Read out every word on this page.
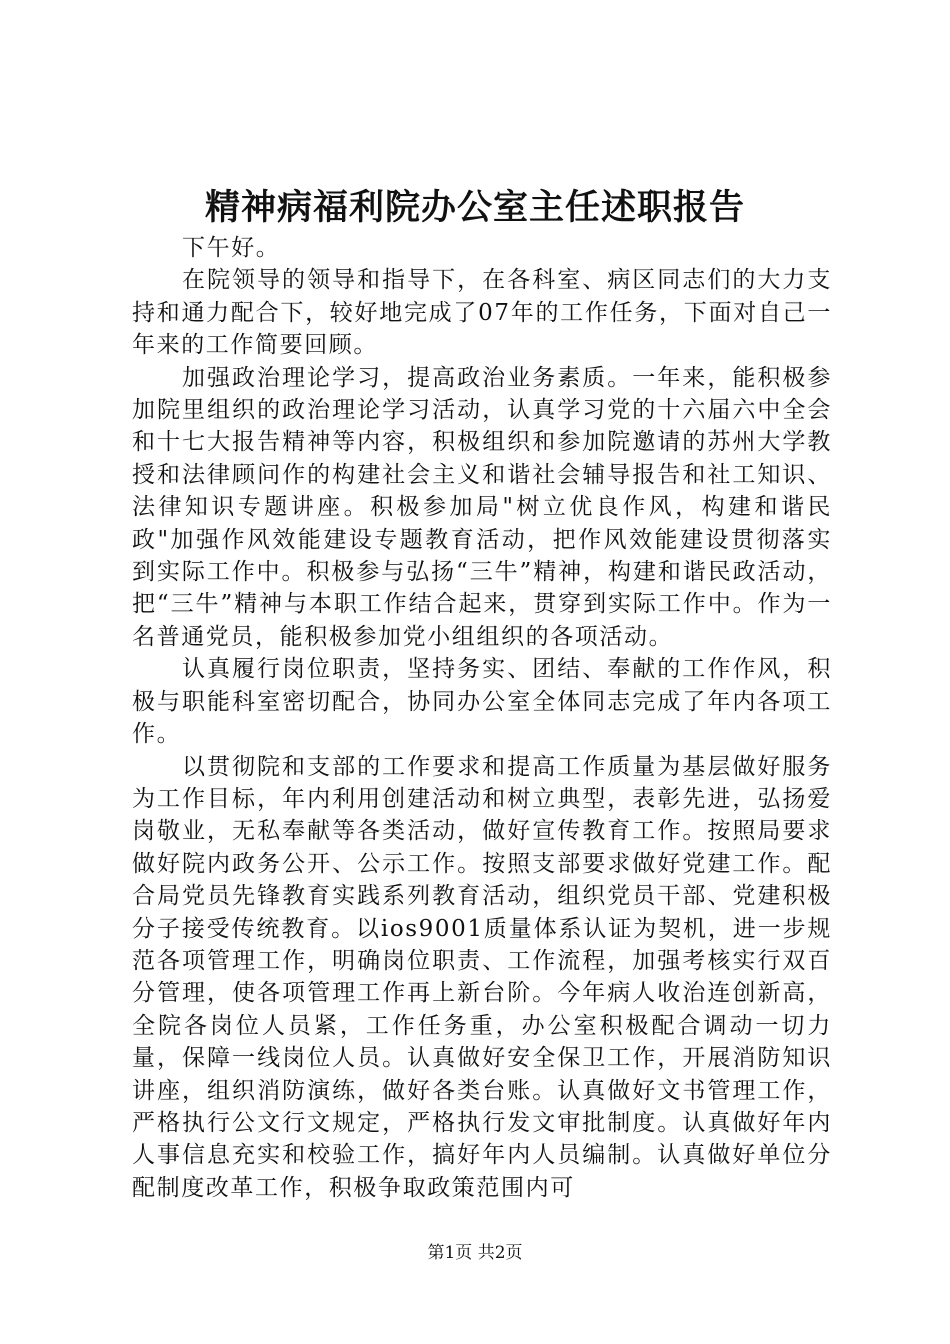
精神病福利院办公室主任述职报告

下午好。

在院领导的领导和指导下，在各科室、病区同志们的大力支持和通力配合下，较好地完成了07年的工作任务，下面对自己一年来的工作简要回顾。

加强政治理论学习，提高政治业务素质。一年来，能积极参加院里组织的政治理论学习活动，认真学习党的十六届六中全会和十七大报告精神等内容，积极组织和参加院邀请的苏州大学教授和法律顾问作的构建社会主义和谐社会辅导报告和社工知识、法律知识专题讲座。积极参加局"树立优良作风，构建和谐民政"加强作风效能建设专题教育活动，把作风效能建设贯彻落实到实际工作中。积极参与弘扬“三牛”精神，构建和谐民政活动，把“三牛”精神与本职工作结合起来，贯穿到实际工作中。作为一名普通党员，能积极参加党小组组织的各项活动。

认真履行岗位职责，坚持务实、团结、奉献的工作作风，积极与职能科室密切配合，协同办公室全体同志完成了年内各项工作。

以贯彻院和支部的工作要求和提高工作质量为基层做好服务为工作目标，年内利用创建活动和树立典型，表彰先进，弘扬爱岗敬业，无私奉献等各类活动，做好宣传教育工作。按照局要求做好院内政务公开、公示工作。按照支部要求做好党建工作。配合局党员先锋教育实践系列教育活动，组织党员干部、党建积极分子接受传统教育。以ios9001质量体系认证为契机，进一步规范各项管理工作，明确岗位职责、工作流程，加强考核实行双百分管理，使各项管理工作再上新台阶。今年病人收治连创新高，全院各岗位人员紧，工作任务重，办公室积极配合调动一切力量，保障一线岗位人员。认真做好安全保卫工作，开展消防知识讲座，组织消防演练，做好各类台账。认真做好文书管理工作，严格执行公文行文规定，严格执行发文审批制度。认真做好年内人事信息充实和校验工作，搞好年内人员编制。认真做好单位分配制度改革工作，积极争取政策范围内可

第1页 共2页
